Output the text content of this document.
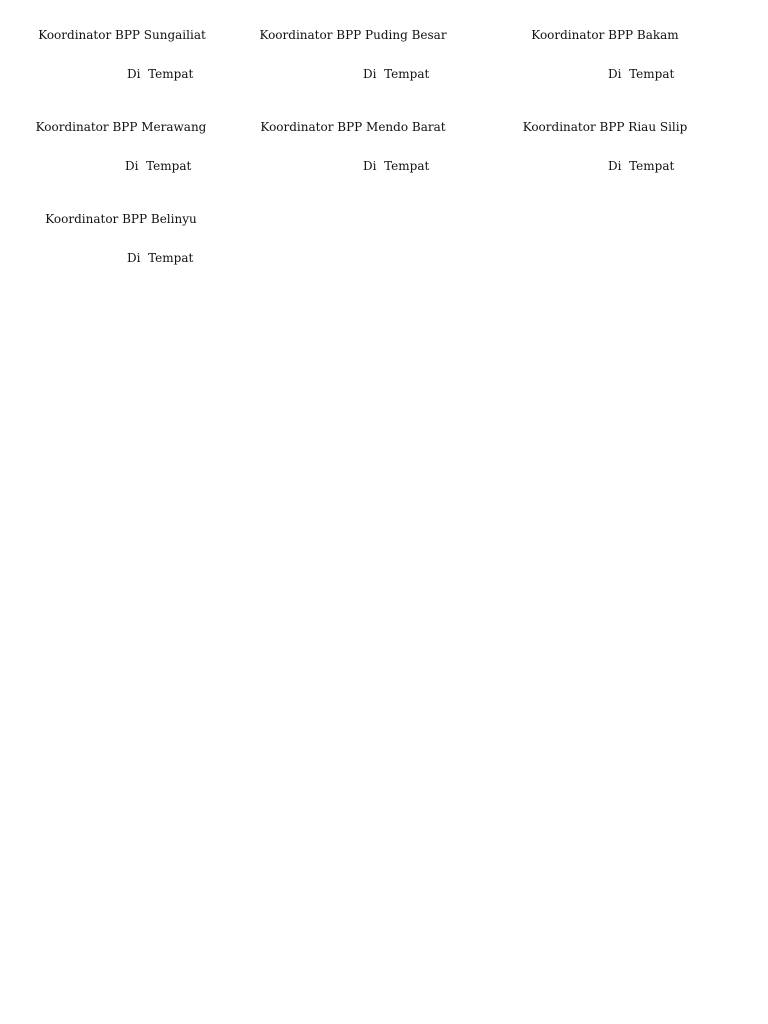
Koordinator BPP Sungailiat
Di  Tempat
Koordinator BPP Puding Besar
Di  Tempat
Koordinator BPP Bakam
Di  Tempat
Koordinator BPP Merawang
Di  Tempat
Koordinator BPP Mendo Barat
Di  Tempat
Koordinator BPP Riau Silip
Di  Tempat
Koordinator BPP Belinyu
Di  Tempat
